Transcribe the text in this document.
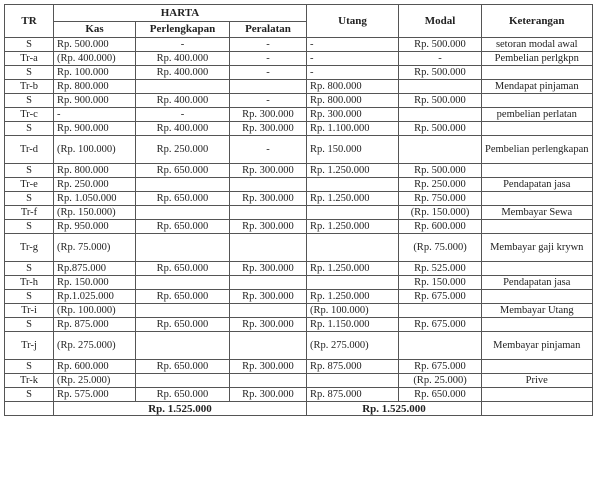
TR	HARTA			Utang	Modal	Keterangan
	Kas	Perlengkapan	Peralatan			
S	Rp. 500.000	-	-	-	Rp. 500.000	setoran modal awal
Tr-a	(Rp. 400.000)	Rp. 400.000	-	-	-	Pembelian perlgkpn
S	Rp. 100.000	Rp. 400.000	-	-	Rp. 500.000	
Tr-b	Rp. 800.000			Rp. 800.000		Mendapat pinjaman
S	Rp. 900.000	Rp. 400.000	-	Rp. 800.000	Rp. 500.000	
Tr-c	-	-	Rp. 300.000	Rp. 300.000		pembelian perlatan
S	Rp. 900.000	Rp. 400.000	Rp. 300.000	Rp. 1.100.000	Rp. 500.000	
Tr-d	(Rp. 100.000)	Rp. 250.000	-	Rp. 150.000		Pembelian perlengkapan
S	Rp. 800.000	Rp. 650.000	Rp. 300.000	Rp. 1.250.000	Rp. 500.000	
Tr-e	Rp. 250.000				Rp. 250.000	Pendapatan jasa
S	Rp. 1.050.000	Rp. 650.000	Rp. 300.000	Rp. 1.250.000	Rp. 750.000	
Tr-f	(Rp. 150.000)				(Rp. 150.000)	Membayar Sewa
S	Rp. 950.000	Rp. 650.000	Rp. 300.000	Rp. 1.250.000	Rp. 600.000	
Tr-g	(Rp. 75.000)				(Rp. 75.000)	Membayar gaji krywn
S	Rp.875.000	Rp. 650.000	Rp. 300.000	Rp. 1.250.000	Rp. 525.000	
Tr-h	Rp. 150.000				Rp. 150.000	Pendapatan jasa
S	Rp.1.025.000	Rp. 650.000	Rp. 300.000	Rp. 1.250.000	Rp. 675.000	
Tr-i	(Rp. 100.000)			(Rp. 100.000)		Membayar Utang
S	Rp. 875.000	Rp. 650.000	Rp. 300.000	Rp. 1.150.000	Rp. 675.000	
Tr-j	(Rp. 275.000)			(Rp. 275.000)		Membayar pinjaman
S	Rp. 600.000	Rp. 650.000	Rp. 300.000	Rp. 875.000	Rp. 675.000	
Tr-k	(Rp. 25.000)				(Rp. 25.000)	Prive
S	Rp. 575.000	Rp. 650.000	Rp. 300.000	Rp. 875.000	Rp. 650.000	
	Rp. 1.525.000			Rp. 1.525.000		
